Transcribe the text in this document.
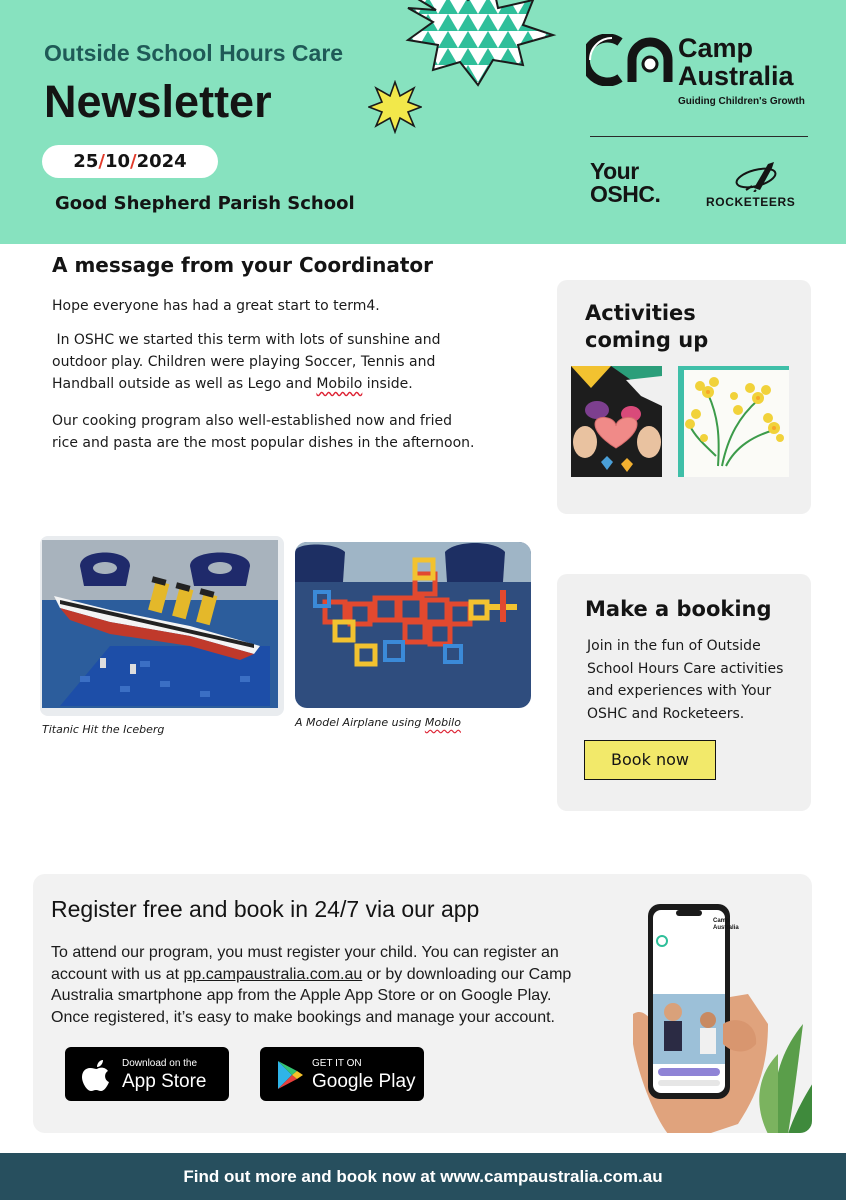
Outside School Hours Care
Newsletter
25/10/2024
Good Shepherd Parish School
Camp
Australia
Guiding Children's Growth
Your
OSHC.	ROCKETEERS
A message from your Coordinator
Hope everyone has had a great start to term4.
In OSHC we started this term with lots of sunshine and
outdoor play. Children were playing Soccer, Tennis and
Handball outside as well as Lego and Mobilo inside.
Our cooking program also well-established now and fried
rice and pasta are the most popular dishes in the afternoon.
Activities
coming up
Titanic Hit the Iceberg
A Model Airplane using Mobilo
Make a booking
Join in the fun of Outside
School Hours Care activities
and experiences with Your
OSHC and Rocketeers.
Book now
Register free and book in 24/7 via our app
To attend our program, you must register your child. You can register an
account with us at pp.campaustralia.com.au or by downloading our Camp
Australia smartphone app from the Apple App Store or on Google Play.
Once registered, it’s easy to make bookings and manage your account.
Download on the
App Store
GET IT ON
Google Play
Camp
Australia
Find out more and book now at www.campaustralia.com.au
